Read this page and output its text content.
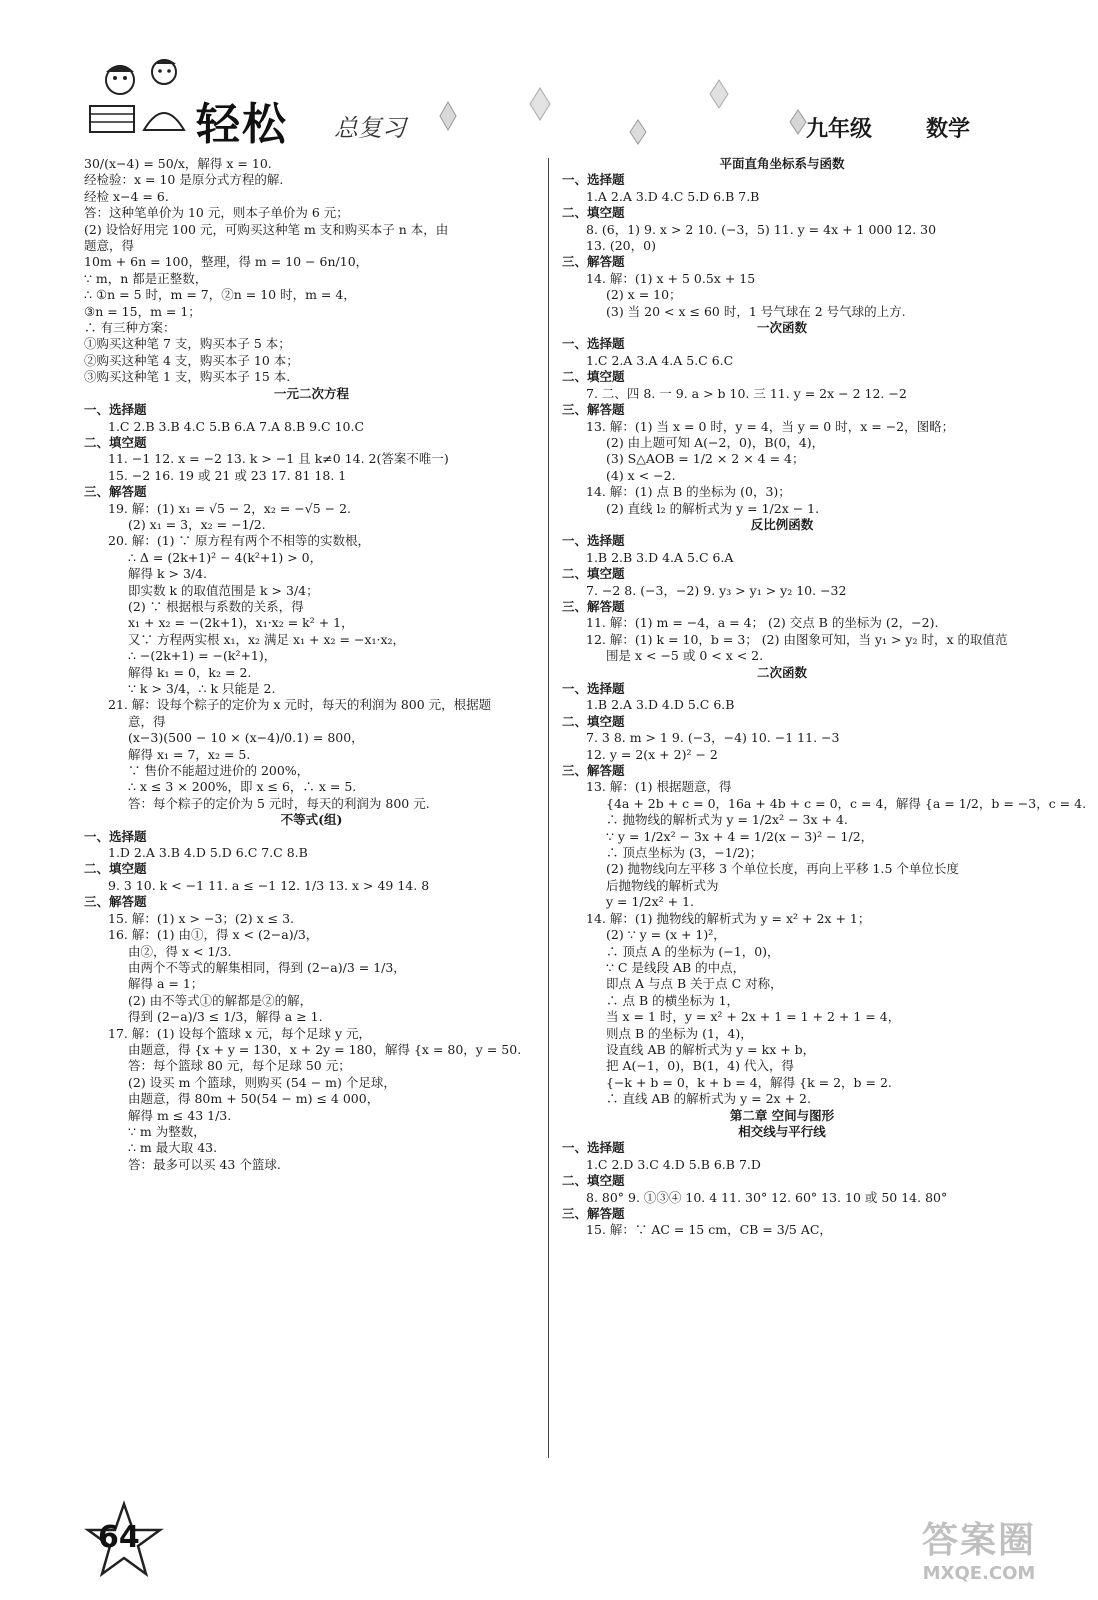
轻松 总复习	九年级 数学
30/(x−4) = 50/x，解得 x = 10.
经检验：x = 10 是原分式方程的解.
经检 x−4 = 6.
答：这种笔单价为 10 元，则本子单价为 6 元；
(2) 设恰好用完 100 元，可购买这种笔 m 支和购买本子 n 本，由
题意，得
10m + 6n = 100，整理，得 m = 10 − 6n/10，
∵ m，n 都是正整数，
∴ ①n = 5 时，m = 7，②n = 10 时，m = 4，
③n = 15，m = 1；
∴ 有三种方案：
①购买这种笔 7 支，购买本子 5 本；
②购买这种笔 4 支，购买本子 10 本；
③购买这种笔 1 支，购买本子 15 本.
一元二次方程
一、选择题
1.C 2.B 3.B 4.C 5.B 6.A 7.A 8.B 9.C 10.C
二、填空题
11. −1 12. x = −2 13. k > −1 且 k≠0 14. 2(答案不唯一)
15. −2 16. 19 或 21 或 23 17. 81 18. 1
三、解答题
19. 解：(1) x₁ = √5 − 2，x₂ = −√5 − 2.
(2) x₁ = 3，x₂ = −1/2.
20. 解：(1) ∵ 原方程有两个不相等的实数根，
∴ Δ = (2k+1)² − 4(k²+1) > 0，
解得 k > 3/4.
即实数 k 的取值范围是 k > 3/4；
(2) ∵ 根据根与系数的关系，得
x₁ + x₂ = −(2k+1)，x₁·x₂ = k² + 1，
又∵ 方程两实根 x₁，x₂ 满足 x₁ + x₂ = −x₁·x₂，
∴ −(2k+1) = −(k²+1)，
解得 k₁ = 0，k₂ = 2.
∵ k > 3/4，∴ k 只能是 2.
21. 解：设每个粽子的定价为 x 元时，每天的利润为 800 元，根据题
意，得
(x−3)(500 − 10 × (x−4)/0.1) = 800，
解得 x₁ = 7，x₂ = 5.
∵ 售价不能超过进价的 200%，
∴ x ≤ 3 × 200%，即 x ≤ 6，∴ x = 5.
答：每个粽子的定价为 5 元时，每天的利润为 800 元.
不等式(组)
一、选择题
1.D 2.A 3.B 4.D 5.D 6.C 7.C 8.B
二、填空题
9. 3 10. k < −1 11. a ≤ −1 12. 1/3 13. x > 49 14. 8
三、解答题
15. 解：(1) x > −3；(2) x ≤ 3.
16. 解：(1) 由①，得 x < (2−a)/3，
由②，得 x < 1/3.
由两个不等式的解集相同，得到 (2−a)/3 = 1/3，
解得 a = 1；
(2) 由不等式①的解都是②的解，
得到 (2−a)/3 ≤ 1/3，解得 a ≥ 1.
17. 解：(1) 设每个篮球 x 元，每个足球 y 元，
由题意，得 {x + y = 130，x + 2y = 180，解得 {x = 80，y = 50.
答：每个篮球 80 元，每个足球 50 元；
(2) 设买 m 个篮球，则购买 (54 − m) 个足球，
由题意，得 80m + 50(54 − m) ≤ 4 000，
解得 m ≤ 43 1/3.
∵ m 为整数，
∴ m 最大取 43.
答：最多可以买 43 个篮球.
平面直角坐标系与函数
一、选择题
1.A 2.A 3.D 4.C 5.D 6.B 7.B
二、填空题
8. (6，1) 9. x > 2 10. (−3，5) 11. y = 4x + 1 000 12. 30
13. (20，0)
三、解答题
14. 解：(1) x + 5 0.5x + 15
(2) x = 10；
(3) 当 20 < x ≤ 60 时，1 号气球在 2 号气球的上方.
一次函数
一、选择题
1.C 2.A 3.A 4.A 5.C 6.C
二、填空题
7. 二、四 8. 一 9. a > b 10. 三 11. y = 2x − 2 12. −2
三、解答题
13. 解：(1) 当 x = 0 时，y = 4，当 y = 0 时，x = −2，图略；
(2) 由上题可知 A(−2，0)，B(0，4)，
(3) S△AOB = 1/2 × 2 × 4 = 4；
(4) x < −2.
14. 解：(1) 点 B 的坐标为 (0，3)；
(2) 直线 l₂ 的解析式为 y = 1/2x − 1.
反比例函数
一、选择题
1.B 2.B 3.D 4.A 5.C 6.A
二、填空题
7. −2 8. (−3，−2) 9. y₃ > y₁ > y₂ 10. −32
三、解答题
11. 解：(1) m = −4，a = 4； (2) 交点 B 的坐标为 (2，−2).
12. 解：(1) k = 10，b = 3； (2) 由图象可知，当 y₁ > y₂ 时，x 的取值范
围是 x < −5 或 0 < x < 2.
二次函数
一、选择题
1.B 2.A 3.D 4.D 5.C 6.B
二、填空题
7. 3 8. m > 1 9. (−3，−4) 10. −1 11. −3
12. y = 2(x + 2)² − 2
三、解答题
13. 解：(1) 根据题意，得
{4a + 2b + c = 0，16a + 4b + c = 0，c = 4，解得 {a = 1/2，b = −3，c = 4.
∴ 抛物线的解析式为 y = 1/2x² − 3x + 4.
∵ y = 1/2x² − 3x + 4 = 1/2(x − 3)² − 1/2，
∴ 顶点坐标为 (3，−1/2)；
(2) 抛物线向左平移 3 个单位长度，再向上平移 1.5 个单位长度
后抛物线的解析式为
y = 1/2x² + 1.
14. 解：(1) 抛物线的解析式为 y = x² + 2x + 1；
(2) ∵ y = (x + 1)²，
∴ 顶点 A 的坐标为 (−1，0)，
∵ C 是线段 AB 的中点，
即点 A 与点 B 关于点 C 对称，
∴ 点 B 的横坐标为 1，
当 x = 1 时，y = x² + 2x + 1 = 1 + 2 + 1 = 4，
则点 B 的坐标为 (1，4)，
设直线 AB 的解析式为 y = kx + b，
把 A(−1，0)，B(1，4) 代入，得
{−k + b = 0，k + b = 4，解得 {k = 2，b = 2.
∴ 直线 AB 的解析式为 y = 2x + 2.
第二章 空间与图形
相交线与平行线
一、选择题
1.C 2.D 3.C 4.D 5.B 6.B 7.D
二、填空题
8. 80° 9. ①③④ 10. 4 11. 30° 12. 60° 13. 10 或 50 14. 80°
三、解答题
15. 解：∵ AC = 15 cm，CB = 3/5 AC，
64	答案圈
MXQE.COM
